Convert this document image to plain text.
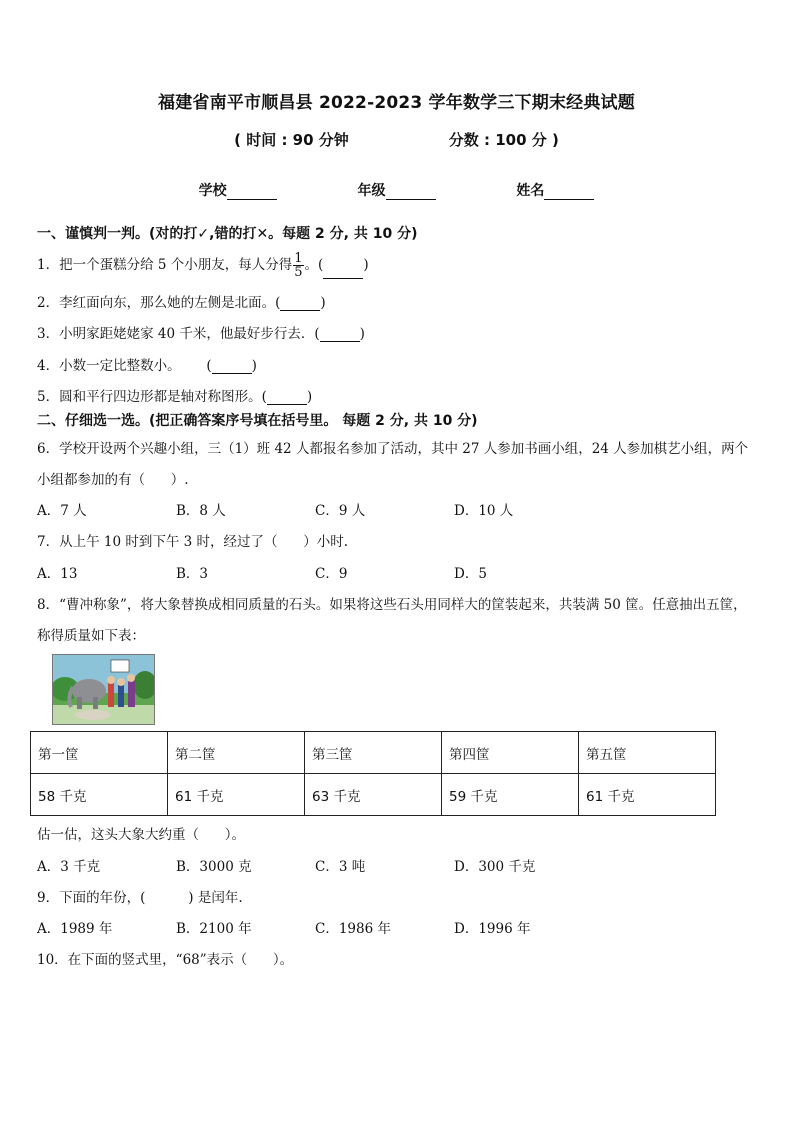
福建省南平市顺昌县 2022-2023 学年数学三下期末经典试题
( 时间 : 90 分钟	分数 : 100 分 )
学校	年级	姓名
一、谨慎判一判。(对的打✓,错的打✕。每题 2 分, 共 10 分)
1．把一个蛋糕分给 5 个小朋友，每人分得 $\frac{1}{5}$ 。(	)
2．李红面向东，那么她的左侧是北面。(	)
3．小明家距姥姥家 40 千米，他最好步行去．(	)
4．小数一定比整数小。      (	)
5．圆和平行四边形都是轴对称图形。(	)
二、仔细选一选。(把正确答案序号填在括号里。 每题 2 分, 共 10 分)
6．学校开设两个兴趣小组，三（1）班 42 人都报名参加了活动，其中 27 人参加书画小组，24 人参加棋艺小组，两个
小组都参加的有（      ）.
A．7 人	B．8 人	C．9 人	D．10 人
7．从上午 10 时到下午 3 时，经过了（      ）小时.
A．13	B．3	C．9	D．5
8．“曹冲称象”，将大象替换成相同质量的石头。如果将这些石头用同样大的筐装起来，共装满 50 筐。任意抽出五筐，
称得质量如下表：
第一筐	第二筐	第三筐	第四筐	第五筐
58 千克	61 千克	63 千克	59 千克	61 千克
估一估，这头大象大约重（      ）。
A．3 千克	B．3000 克	C．3 吨	D．300 千克
9．下面的年份，(          ) 是闰年.
A．1989 年	B．2100 年	C．1986 年	D．1996 年
10．在下面的竖式里，“68”表示（      ）。
